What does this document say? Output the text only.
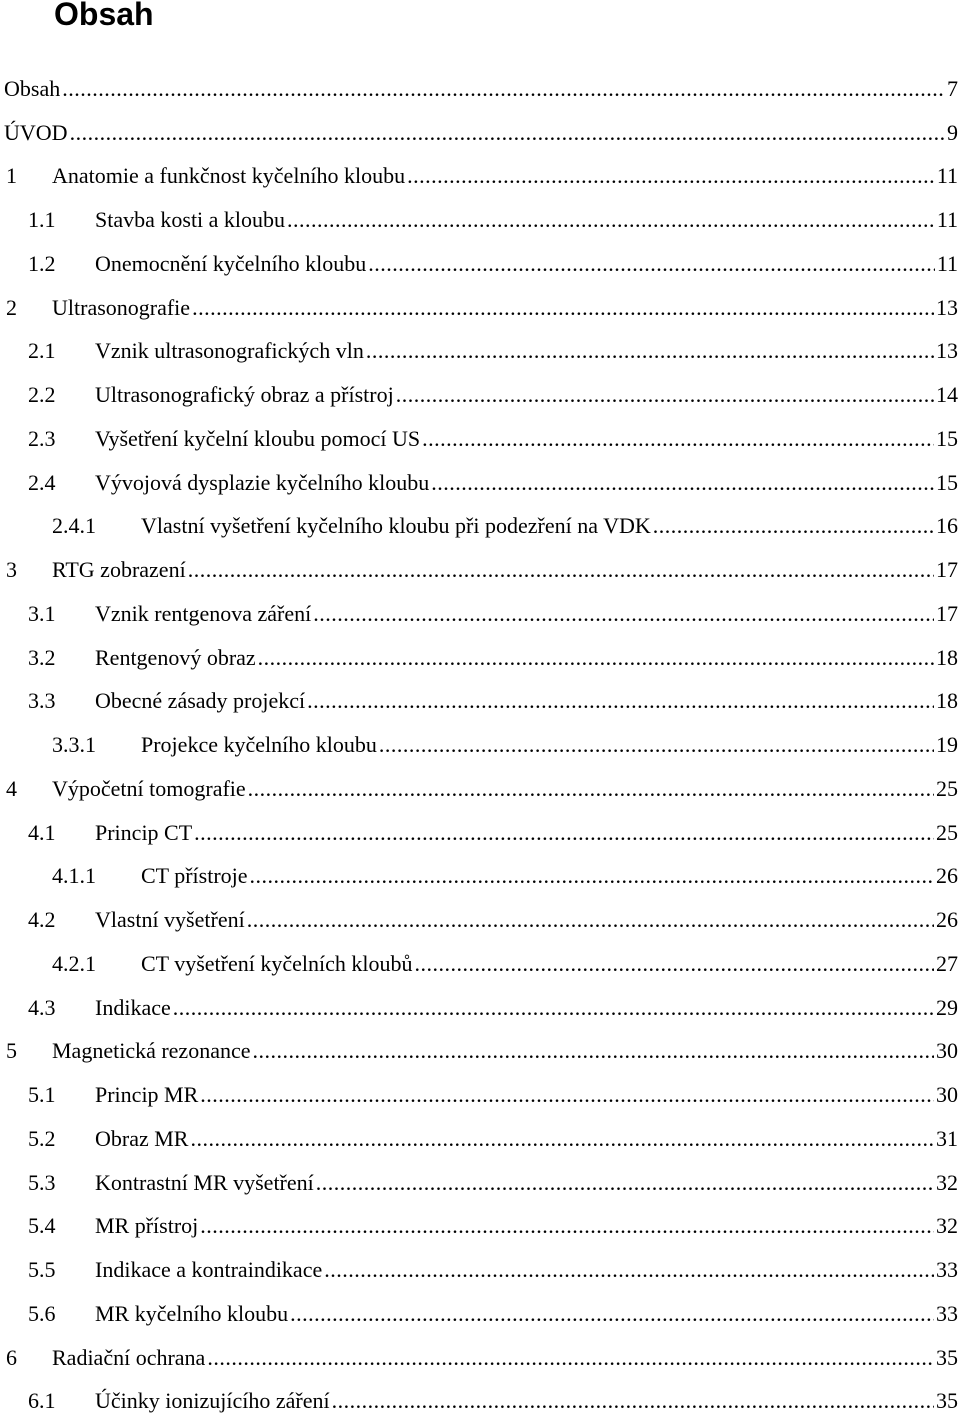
Obsah
Obsah .....	7
ÚVOD .....	9
1 Anatomie a funkčnost kyčelního kloubu .....	11
1.1 Stavba kosti a kloubu .....	11
1.2 Onemocnění kyčelního kloubu .....	11
2 Ultrasonografie .....	13
2.1 Vznik ultrasonografických vln .....	13
2.2 Ultrasonografický obraz a přístroj .....	14
2.3 Vyšetření kyčelní kloubu pomocí US .....	15
2.4 Vývojová dysplazie kyčelního kloubu .....	15
2.4.1 Vlastní vyšetření kyčelního kloubu při podezření na VDK .....	16
3 RTG zobrazení .....	17
3.1 Vznik rentgenova záření .....	17
3.2 Rentgenový obraz .....	18
3.3 Obecné zásady projekcí .....	18
3.3.1 Projekce kyčelního kloubu .....	19
4 Výpočetní tomografie .....	25
4.1 Princip CT .....	25
4.1.1 CT přístroje .....	26
4.2 Vlastní vyšetření .....	26
4.2.1 CT vyšetření kyčelních kloubů .....	27
4.3 Indikace .....	29
5 Magnetická rezonance .....	30
5.1 Princip MR .....	30
5.2 Obraz MR .....	31
5.3 Kontrastní MR vyšetření .....	32
5.4 MR přístroj .....	32
5.5 Indikace a kontraindikace .....	33
5.6 MR kyčelního kloubu .....	33
6 Radiační ochrana .....	35
6.1 Účinky ionizujícího záření .....	35
